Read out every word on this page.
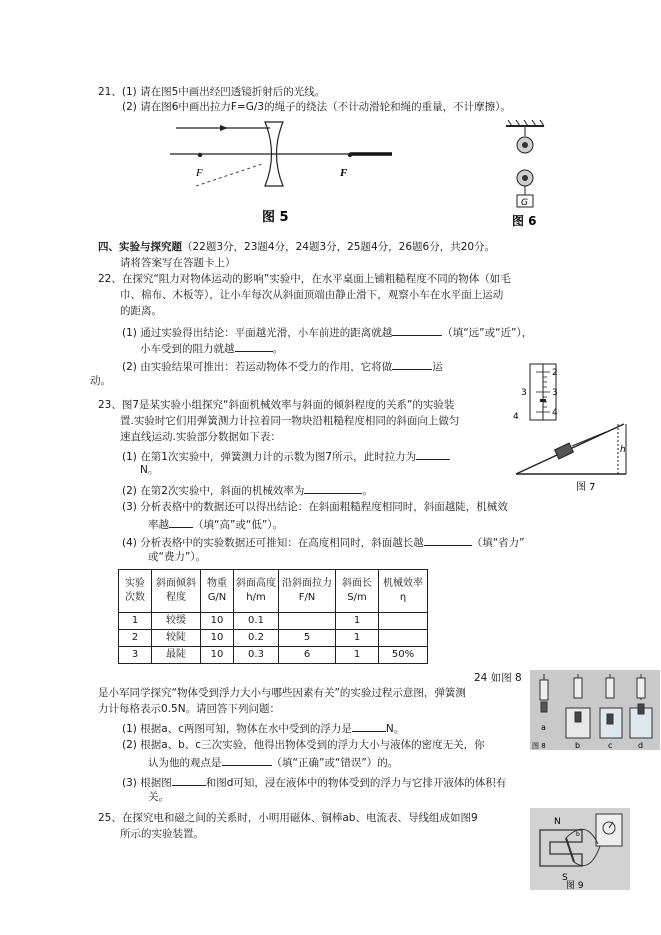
21、(1) 请在图5中画出经凹透镜折射后的光线。
(2) 请在图6中画出拉力F=G/3的绳子的绕法（不计动滑轮和绳的重量，不计摩擦）。
F	F
图 5
G
图 6
四、实验与探究题（22题3分，23题4分，24题3分，25题4分，26题6分，共20分。
请将答案写在答题卡上）
22、在探究“阻力对物体运动的影响”实验中，在水平桌面上铺粗糙程度不同的物体（如毛
巾、棉布、木板等），让小车每次从斜面顶端由静止滑下，观察小车在水平面上运动
的距离。
(1) 通过实验得出结论：平面越光滑，小车前进的距离就越	（填“远”或“近”），
小车受到的阻力就越	。
(2) 由实验结果可推出：若运动物体不受力的作用，它将做	运
动。
2
3
4
3
4
h
图 7
23、图7是某实验小组探究“斜面机械效率与斜面的倾斜程度的关系”的实验装
置.实验时它们用弹簧测力计拉着同一物块沿粗糙程度相同的斜面向上做匀
速直线运动.实验部分数据如下表：
(1) 在第1次实验中，弹簧测力计的示数为图7所示，此时拉力为
N。
(2) 在第2次实验中，斜面的机械效率为	。
(3) 分析表格中的数据还可以得出结论：在斜面粗糙程度相同时，斜面越陡，机械效
率越 （填“高”或“低”）。
(4) 分析表格中的实验数据还可推知：在高度相同时，斜面越长越	（填“省力”
或“费力”）。
实验次数	斜面倾斜程度	物重G/N	斜面高度h/m	沿斜面拉力F/N	斜面长S/m	机械效率η
1	较缓	10	0.1		1	
2	较陡	10	0.2	5	1	
3	最陡	10	0.3	6	1	50%
a
b	c	d
图 8
24 如图 8
是小军同学探究“物体受到浮力大小与哪些因素有关”的实验过程示意图，弹簧测
力计每格表示0.5N。请回答下列问题：
(1) 根据a、c两图可知，物体在水中受到的浮力是	N。
(2) 根据a、b、c三次实验，他得出物体受到的浮力大小与液体的密度无关，你
认为他的观点是	（填“正确”或“错误”）的。
(3) 根据图	和图d可知，浸在液体中的物体受到的浮力与它排开液体的体积有
关。
25、在探究电和磁之间的关系时，小明用磁体、铜棒ab、电流表、导线组成如图9
所示的实验装置。
N
S
b
图 9
